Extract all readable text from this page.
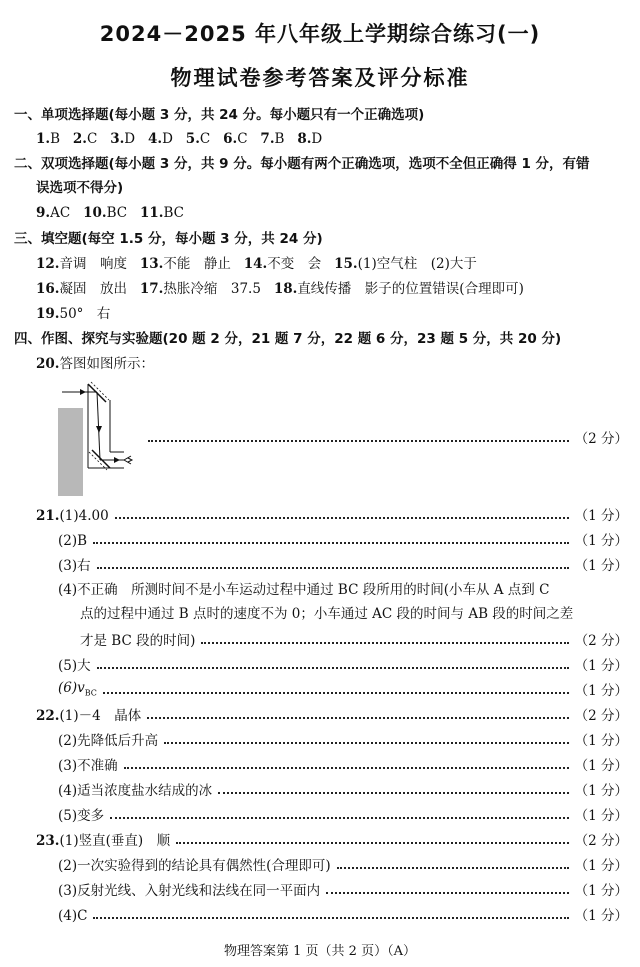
2024－2025 年八年级上学期综合练习(一)
物理试卷参考答案及评分标准
一、单项选择题(每小题 3 分，共 24 分。每小题只有一个正确选项)
1.B 2.C 3.D 4.D 5.C 6.C 7.B 8.D
二、双项选择题(每小题 3 分，共 9 分。每小题有两个正确选项，选项不全但正确得 1 分，有错
误选项不得分)
9.AC 10.BC 11.BC
三、填空题(每空 1.5 分，每小题 3 分，共 24 分)
12.音调　响度 13.不能　静止 14.不变　会 15.(1)空气柱　(2)大于
16.凝固　放出 17.热胀冷缩　37.5 18.直线传播　影子的位置错误(合理即可)
19.50°　右
四、作图、探究与实验题(20 题 2 分，21 题 7 分，22 题 6 分，23 题 5 分，共 20 分)
20.答图如图所示：
（2 分）
21.(1)4.00	（1 分）
(2)B	（1 分）
(3)右	（1 分）
(4)不正确　所测时间不是小车运动过程中通过 BC 段所用的时间(小车从 A 点到 C
点的过程中通过 B 点时的速度不为 0；小车通过 AC 段的时间与 AB 段的时间之差
才是 BC 段的时间)	（2 分）
(5)大	（1 分）
$(6)v_{BC}$	（1 分）
22.(1)－4　晶体	（2 分）
(2)先降低后升高	（1 分）
(3)不准确	（1 分）
(4)适当浓度盐水结成的冰	（1 分）
(5)变多	（1 分）
23.(1)竖直(垂直)　顺	（2 分）
(2)一次实验得到的结论具有偶然性(合理即可)	（1 分）
(3)反射光线、入射光线和法线在同一平面内	（1 分）
(4)C	（1 分）
物理答案第 1 页（共 2 页）（A）
